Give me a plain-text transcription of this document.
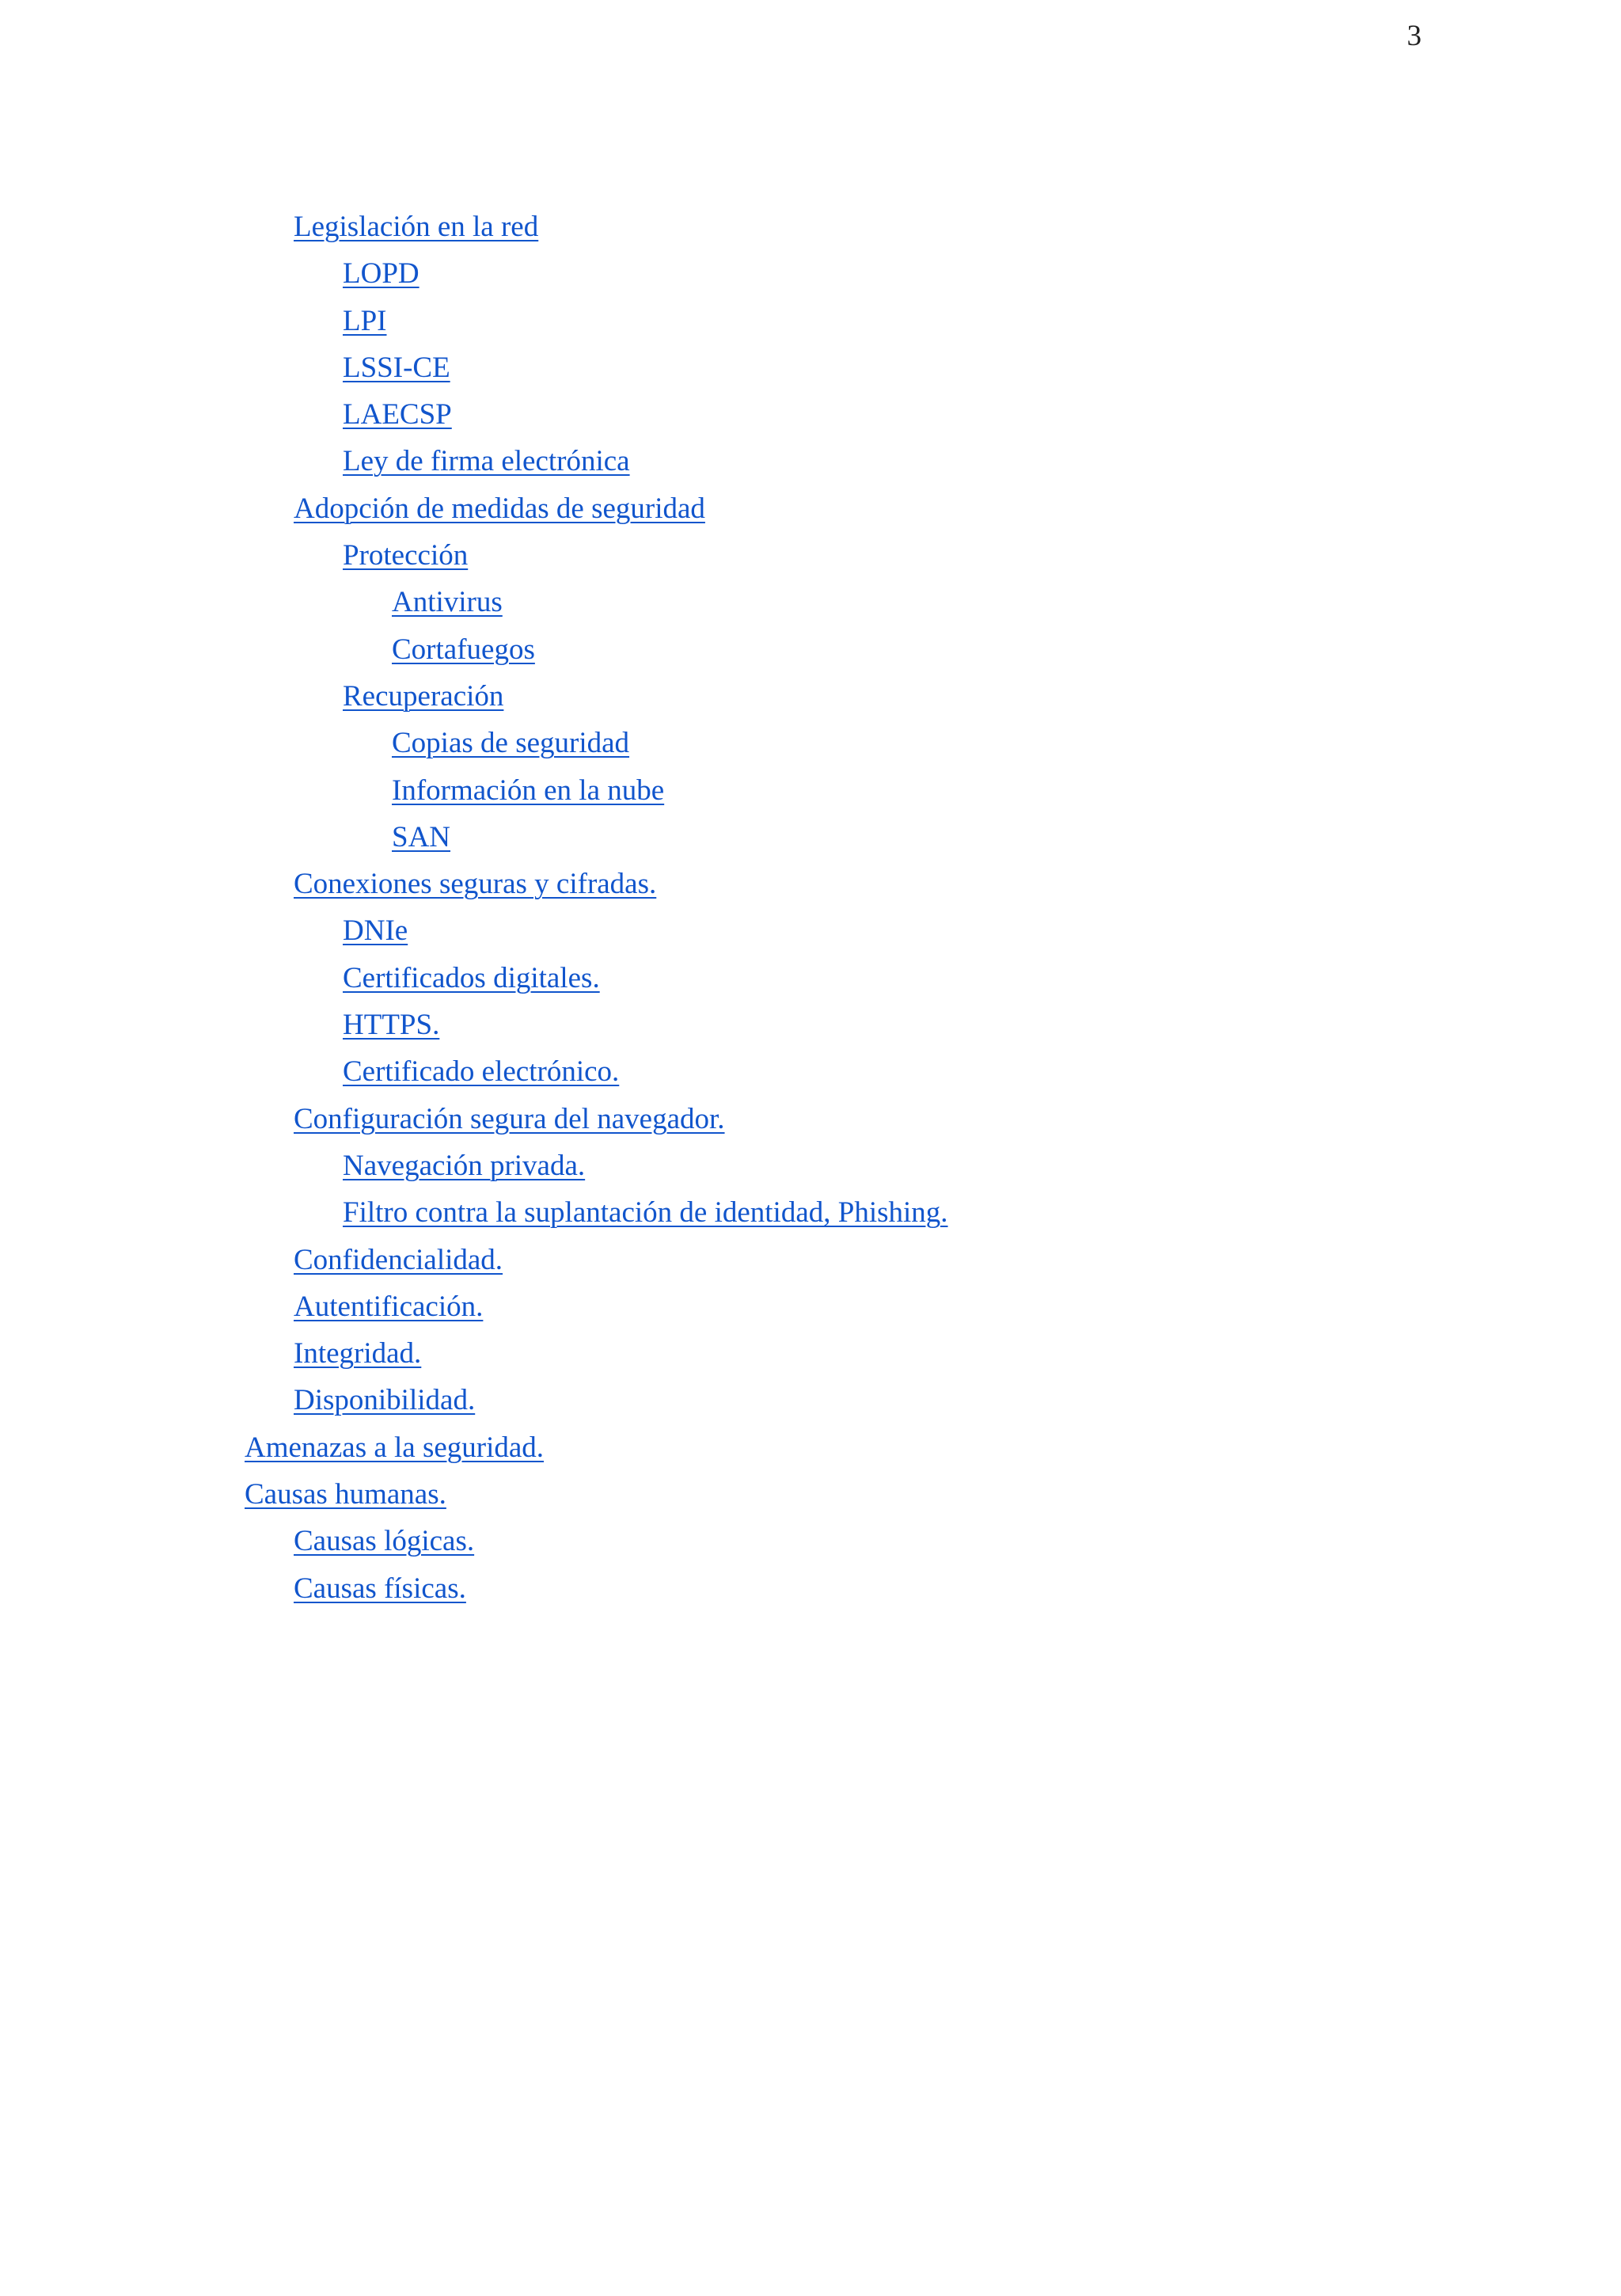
3
Legislación en la red
LOPD
LPI
LSSI-CE
LAECSP
Ley de firma electrónica
Adopción de medidas de seguridad
Protección
Antivirus
Cortafuegos
Recuperación
Copias de seguridad
Información en la nube
SAN
Conexiones seguras y cifradas.
DNIe
Certificados digitales.
HTTPS.
Certificado electrónico.
Configuración segura del navegador.
Navegación privada.
Filtro contra la suplantación de identidad, Phishing.
Confidencialidad.
Autentificación.
Integridad.
Disponibilidad.
Amenazas a la seguridad.
Causas humanas.
Causas lógicas.
Causas físicas.
